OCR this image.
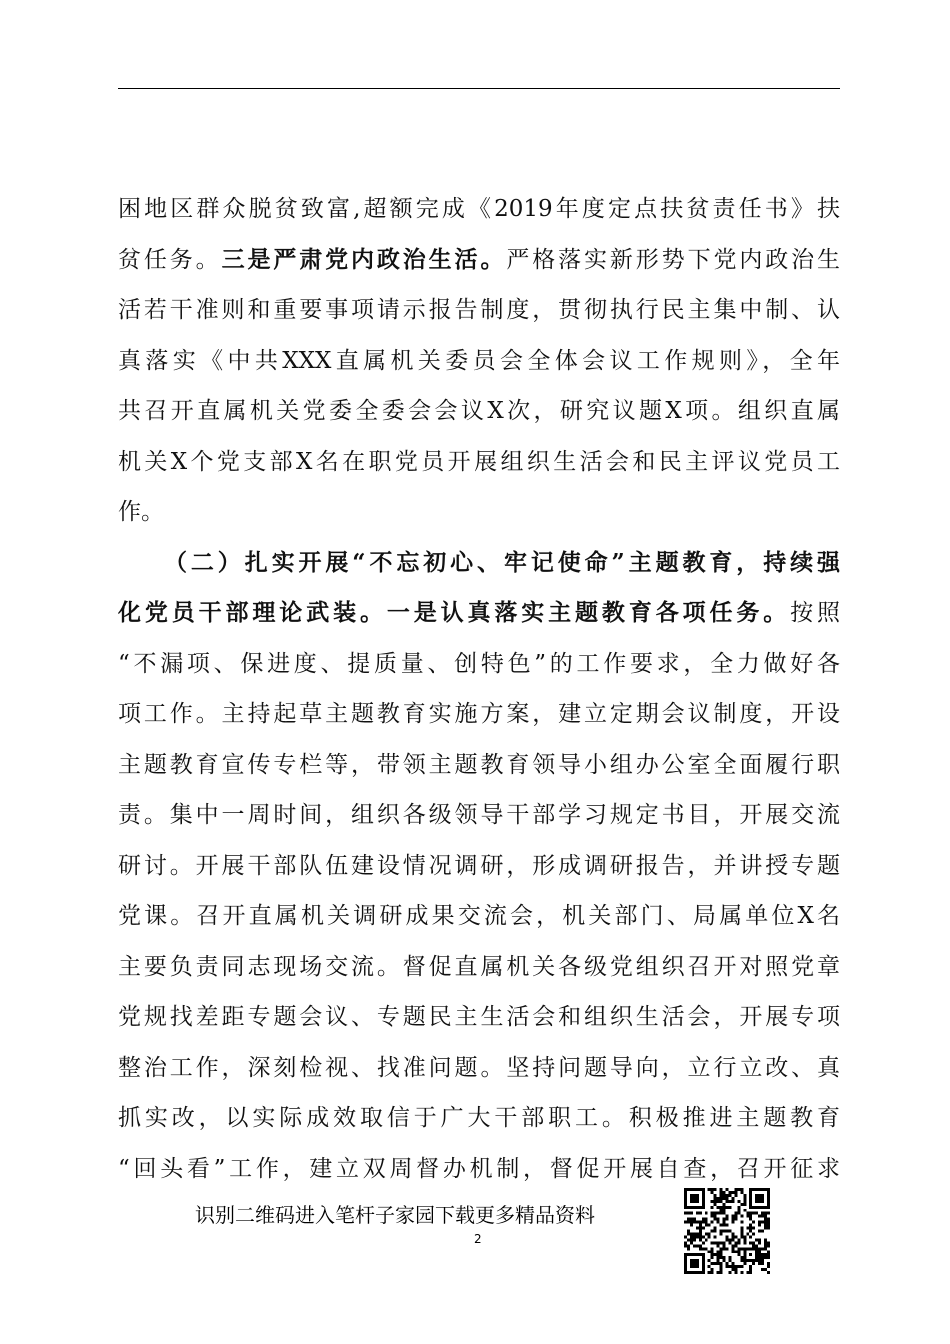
困地区群众脱贫致富,超额完成《2019年度定点扶贫责任书》扶
贫任务。三是严肃党内政治生活。严格落实新形势下党内政治生
活若干准则和重要事项请示报告制度，贯彻执行民主集中制、认
真落实《中共XXX直属机关委员会全体会议工作规则》，全年
共召开直属机关党委全委会会议X次，研究议题X项。组织直属
机关X个党支部X名在职党员开展组织生活会和民主评议党员工
作。
（二）扎实开展“不忘初心、牢记使命”主题教育，持续强
化党员干部理论武装。一是认真落实主题教育各项任务。按照
“不漏项、保进度、提质量、创特色”的工作要求，全力做好各
项工作。主持起草主题教育实施方案，建立定期会议制度，开设
主题教育宣传专栏等，带领主题教育领导小组办公室全面履行职
责。集中一周时间，组织各级领导干部学习规定书目，开展交流
研讨。开展干部队伍建设情况调研，形成调研报告，并讲授专题
党课。召开直属机关调研成果交流会，机关部门、局属单位X名
主要负责同志现场交流。督促直属机关各级党组织召开对照党章
党规找差距专题会议、专题民主生活会和组织生活会，开展专项
整治工作，深刻检视、找准问题。坚持问题导向，立行立改、真
抓实改，以实际成效取信于广大干部职工。积极推进主题教育
“回头看”工作，建立双周督办机制，督促开展自查，召开征求
识别二维码进入笔杆子家园下载更多精品资料
2
